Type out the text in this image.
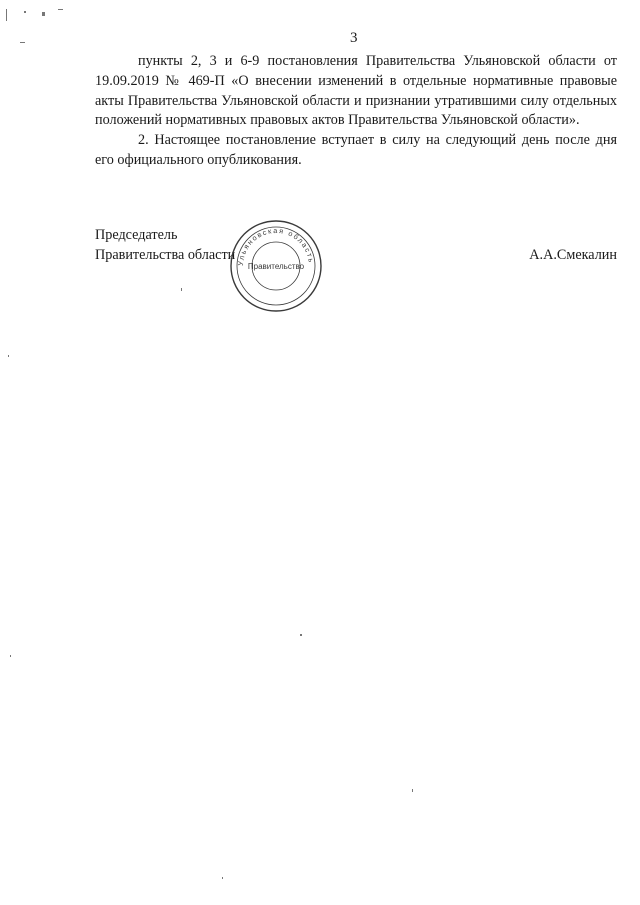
3

пункты 2, 3 и 6-9 постановления Правительства Ульяновской области от 19.09.2019 № 469-П «О внесении изменений в отдельные нормативные правовые акты Правительства Ульяновской области и признании утратившими силу отдельных положений нормативных правовых актов Правительства Ульяновской области».

2. Настоящее постановление вступает в силу на следующий день после дня его официального опубликования.

Председатель
Правительства области	А.А.Смекалин
Ульяновская область
Правительство
